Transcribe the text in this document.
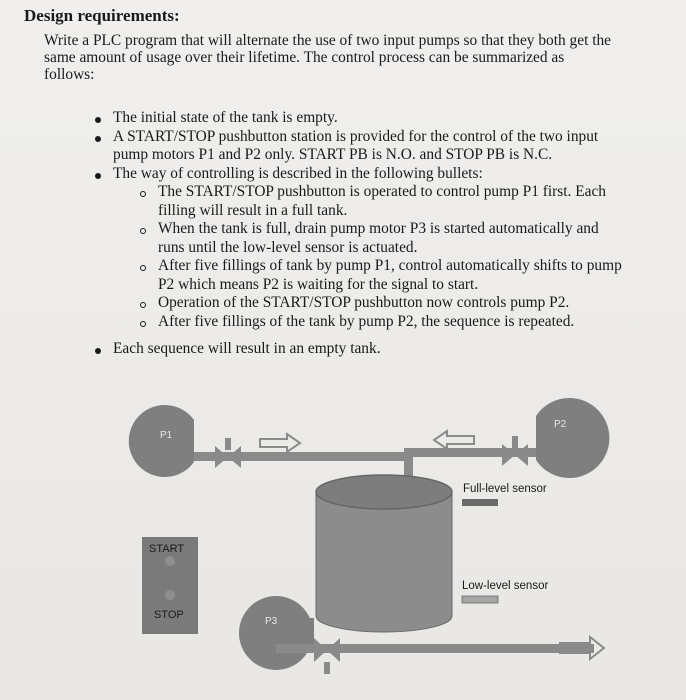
Design requirements:
Write a PLC program that will alternate the use of two input pumps so that they both get the
same amount of usage over their lifetime. The control process can be summarized as
follows:
The initial state of the tank is empty.
A START/STOP pushbutton station is provided for the control of the two input
pump motors P1 and P2 only. START PB is N.O. and STOP PB is N.C.
The way of controlling is described in the following bullets:
The START/STOP pushbutton is operated to control pump P1 first. Each
filling will result in a full tank.
When the tank is full, drain pump motor P3 is started automatically and
runs until the low-level sensor is actuated.
After five fillings of tank by pump P1, control automatically shifts to pump
P2 which means P2 is waiting for the signal to start.
Operation of the START/STOP pushbutton now controls pump P2.
After five fillings of the tank by pump P2, the sequence is repeated.
Each sequence will result in an empty tank.
P1
P2
Full-level sensor
Low-level sensor
START
STOP
P3
